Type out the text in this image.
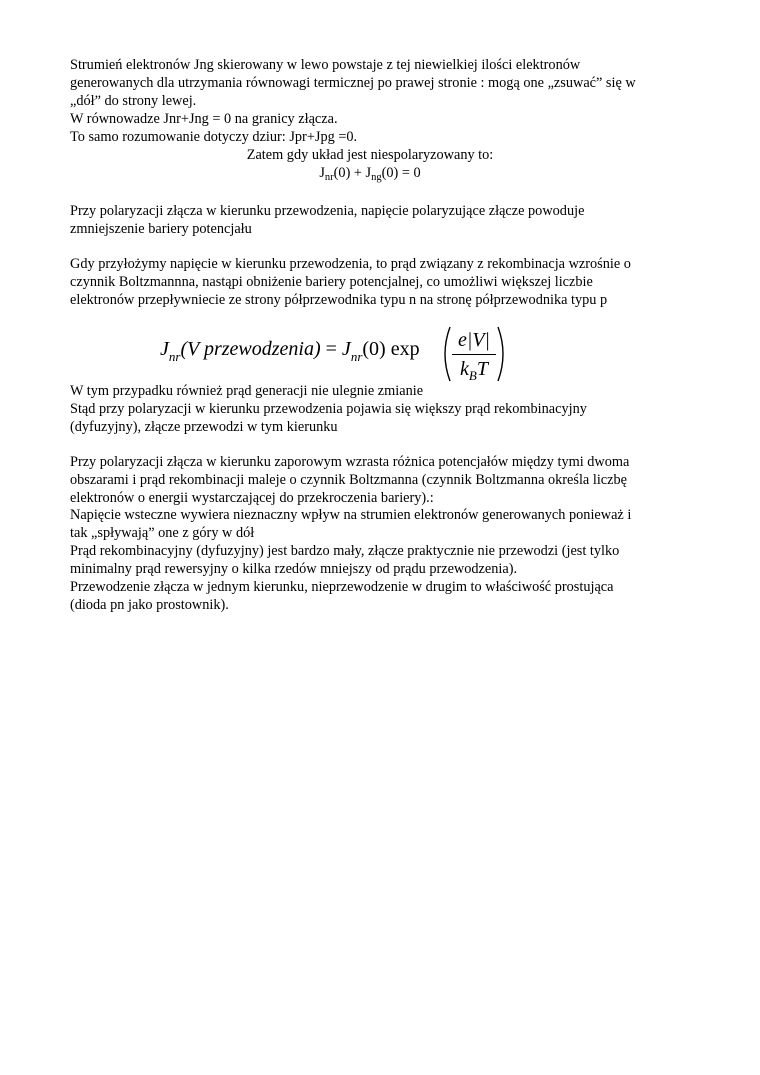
Strumień elektronów Jng skierowany w lewo powstaje z tej niewielkiej ilości elektronów
generowanych dla utrzymania równowagi termicznej po prawej stronie : mogą one „zsuwać” się w
„dół” do strony lewej.
W równowadze Jnr+Jng = 0 na granicy złącza.
To samo rozumowanie dotyczy dziur: Jpr+Jpg =0.
Zatem gdy układ jest niespolaryzowany to:
$J_{nr}(0) + J_{ng}(0) = 0$
Przy polaryzacji złącza w kierunku przewodzenia, napięcie polaryzujące złącze powoduje
zmniejszenie bariery potencjału
Gdy przyłożymy napięcie w kierunku przewodzenia, to prąd związany z rekombinacja wzrośnie o
czynnik Boltzmannna, nastąpi obniżenie bariery potencjalnej, co umożliwi większej liczbie
elektronów przepływniecie ze strony półprzewodnika typu n na stronę półprzewodnika typu p
$J_{nr}(V$ przewodzenia) = $J_{nr}(0)$ exp e|V|
$k_BT$
W tym przypadku również prąd generacji nie ulegnie zmianie
Stąd przy polaryzacji w kierunku przewodzenia pojawia się większy prąd rekombinacyjny
(dyfuzyjny), złącze przewodzi w tym kierunku
Przy polaryzacji złącza w kierunku zaporowym wzrasta różnica potencjałów między tymi dwoma
obszarami i prąd rekombinacji maleje o czynnik Boltzmanna (czynnik Boltzmanna określa liczbę
elektronów o energii wystarczającej do przekroczenia bariery).:
Napięcie wsteczne wywiera nieznaczny wpływ na strumien elektronów generowanych ponieważ i
tak „spływają” one z góry w dół
Prąd rekombinacyjny (dyfuzyjny) jest bardzo mały, złącze praktycznie nie przewodzi (jest tylko
minimalny prąd rewersyjny o kilka rzedów mniejszy od prądu przewodzenia).
Przewodzenie złącza w jednym kierunku, nieprzewodzenie w drugim to właściwość prostująca
(dioda pn jako prostownik).
